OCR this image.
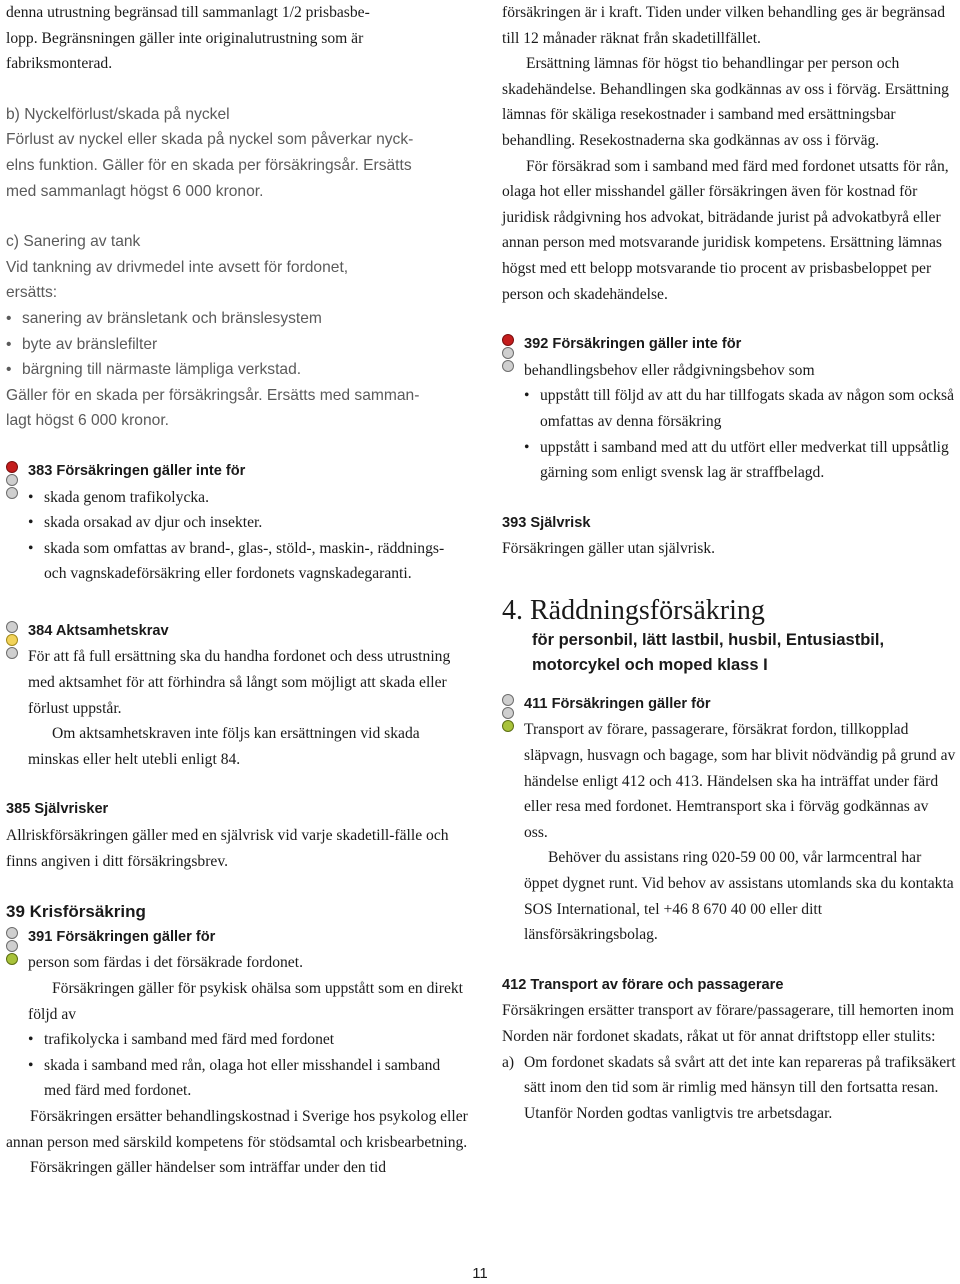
denna utrustning begränsad till sammanlagt 1/2 prisbasbe-

lopp. Begränsningen gäller inte originalutrustning som är

fabriksmonterad.

b) Nyckelförlust/skada på nyckel

Förlust av nyckel eller skada på nyckel som påverkar nyck-

elns funktion. Gäller för en skada per försäkringsår. Ersätts

med sammanlagt högst 6 000 kronor.

c) Sanering av tank

Vid tankning av drivmedel inte avsett för fordonet,

ersätts:

• sanering av bränsletank och bränslesystem
• byte av bränslefilter
• bärgning till närmaste lämpliga verkstad.

Gäller för en skada per försäkringsår. Ersätts med samman-

lagt högst 6 000 kronor.

383 Försäkringen gäller inte för

• skada genom trafikolycka.
• skada orsakad av djur och insekter.
• skada som omfattas av brand-, glas-, stöld-, maskin-, räddnings- och vagnskadeförsäkring eller fordonets vagnskadegaranti.

384 Aktsamhetskrav

För att få full ersättning ska du handha fordonet och dess utrustning med aktsamhet för att förhindra så långt som möjligt att skada eller förlust uppstår.

Om aktsamhetskraven inte följs kan ersättningen vid skada minskas eller helt utebli enligt 84.

385 Självrisker

Allriskförsäkringen gäller med en självrisk vid varje skadetill-fälle och finns angiven i ditt försäkringsbrev.

39 Krisförsäkring

391 Försäkringen gäller för

person som färdas i det försäkrade fordonet.

Försäkringen gäller för psykisk ohälsa som uppstått som en direkt följd av

• trafikolycka i samband med färd med fordonet
• skada i samband med rån, olaga hot eller misshandel i samband med färd med fordonet.

Försäkringen ersätter behandlingskostnad i Sverige hos psykolog eller annan person med särskild kompetens för stödsamtal och krisbearbetning.

Försäkringen gäller händelser som inträffar under den tid

försäkringen är i kraft. Tiden under vilken behandling ges är begränsad till 12 månader räknat från skadetillfället.

Ersättning lämnas för högst tio behandlingar per person och skadehändelse. Behandlingen ska godkännas av oss i förväg. Ersättning lämnas för skäliga resekostnader i samband med ersättningsbar behandling. Resekostnaderna ska godkännas av oss i förväg.

För försäkrad som i samband med färd med fordonet utsatts för rån, olaga hot eller misshandel gäller försäkringen även för kostnad för juridisk rådgivning hos advokat, biträdande jurist på advokatbyrå eller annan person med motsvarande juridisk kompetens. Ersättning lämnas högst med ett belopp motsvarande tio procent av prisbasbeloppet per person och skadehändelse.

392 Försäkringen gäller inte för

behandlingsbehov eller rådgivningsbehov som

• uppstått till följd av att du har tillfogats skada av någon som också omfattas av denna försäkring
• uppstått i samband med att du utfört eller medverkat till uppsåtlig gärning som enligt svensk lag är straffbelagd.

393 Självrisk

Försäkringen gäller utan självrisk.

4. Räddningsförsäkring

för personbil, lätt lastbil, husbil, Entusiastbil,

motorcykel och moped klass I

411 Försäkringen gäller för

Transport av förare, passagerare, försäkrat fordon, tillkopplad släpvagn, husvagn och bagage, som har blivit nödvändig på grund av händelse enligt 412 och 413. Händelsen ska ha inträffat under färd eller resa med fordonet. Hemtransport ska i förväg godkännas av oss.

Behöver du assistans ring 020-59 00 00, vår larmcentral har öppet dygnet runt. Vid behov av assistans utomlands ska du kontakta SOS International, tel +46 8 670 40 00 eller ditt länsförsäkringsbolag.

412 Transport av förare och passagerare

Försäkringen ersätter transport av förare/passagerare, till hemorten inom Norden när fordonet skadats, råkat ut för annat driftstopp eller stulits:

a) Om fordonet skadats så svårt att det inte kan repareras på trafiksäkert sätt inom den tid som är rimlig med hänsyn till den fortsatta resan. Utanför Norden godtas vanligtvis tre arbetsdagar.

11
